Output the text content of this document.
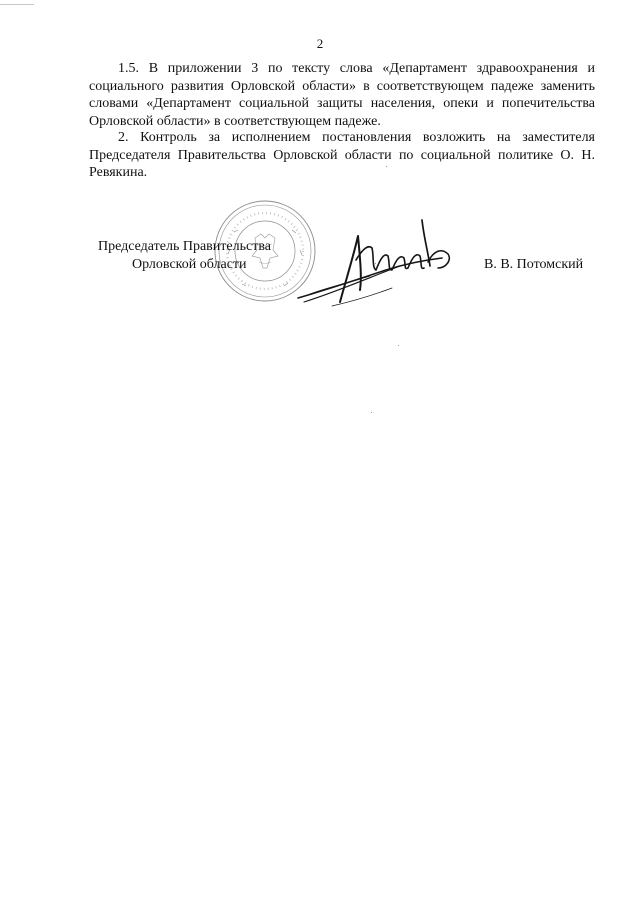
2

1.5. В приложении 3 по тексту слова «Департамент здравоохранения и социального развития Орловской области» в соответствующем падеже заменить словами «Департамент социальной защиты населения, опеки и попечительства Орловской области» в соответствующем падеже.

2. Контроль за исполнением постановления возложить на заместителя Председателя Правительства Орловской области по социальной политике О. Н. Ревякина.

Председатель Правительства
Орловской области	В. В. Потомский
